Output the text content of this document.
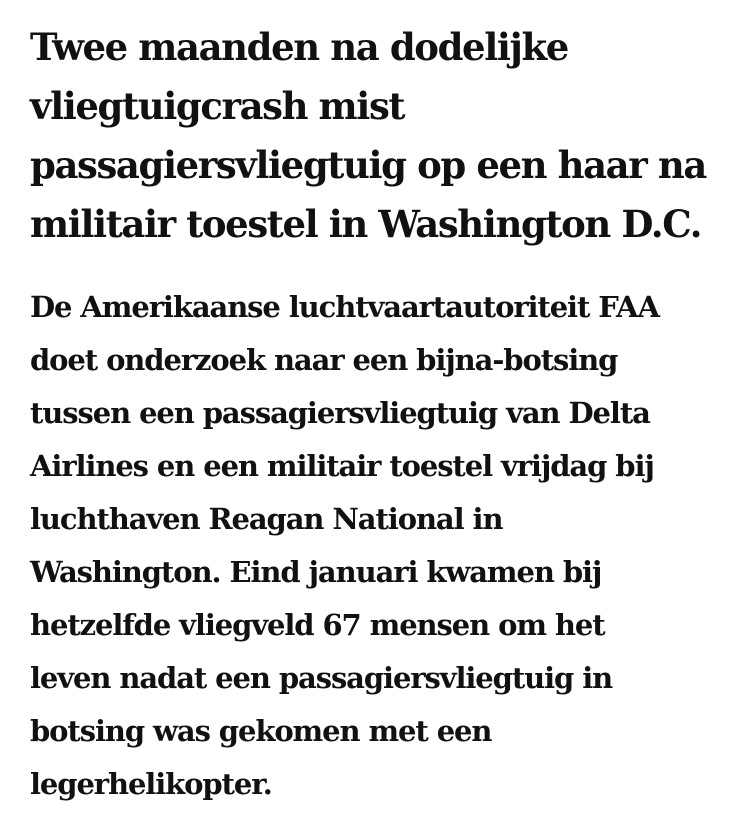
Twee maanden na dodelijke
vliegtuigcrash mist
passagiersvliegtuig op een haar na
militair toestel in Washington D.C.

De Amerikaanse luchtvaartautoriteit FAA
doet onderzoek naar een bijna-botsing
tussen een passagiersvliegtuig van Delta
Airlines en een militair toestel vrijdag bij
luchthaven Reagan National in
Washington. Eind januari kwamen bij
hetzelfde vliegveld 67 mensen om het
leven nadat een passagiersvliegtuig in
botsing was gekomen met een
legerhelikopter.
